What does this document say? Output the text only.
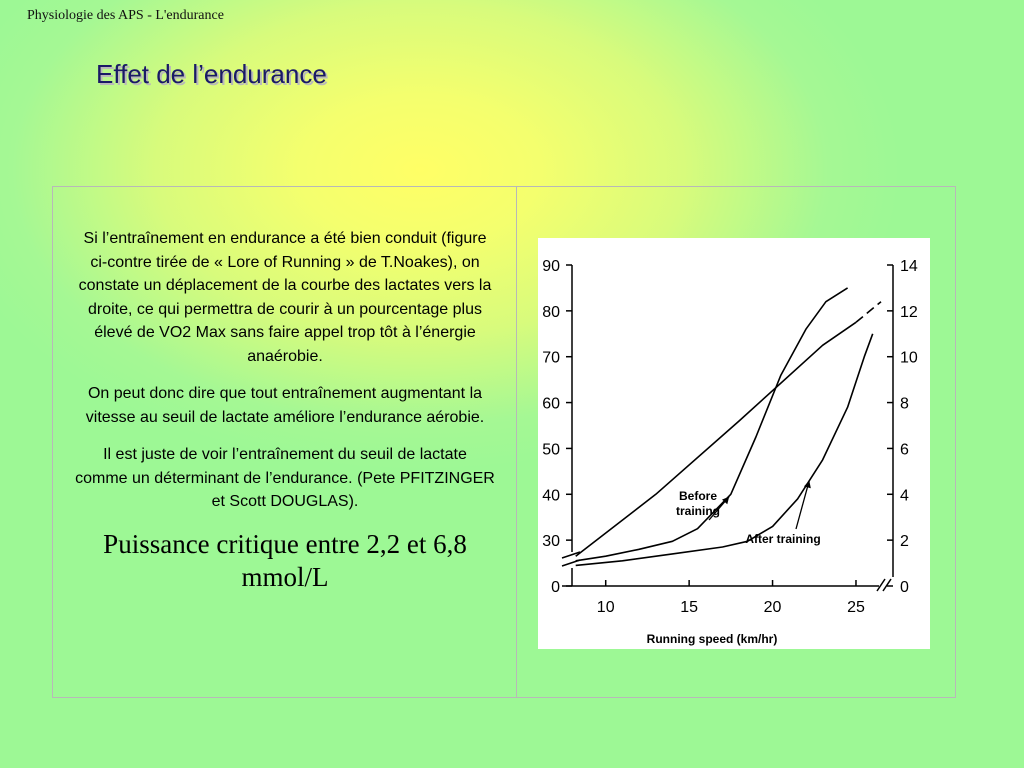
Physiologie des APS - L'endurance
Effet de l’endurance

Si l’entraînement en endurance a été bien conduit (figure ci-contre tirée de « Lore of Running » de T.Noakes), on constate un déplacement de la courbe des lactates vers la droite, ce qui permettra de courir à un pourcentage plus élevé de VO2 Max sans faire appel trop tôt à l’énergie anaérobie.

On peut donc dire que tout entraînement augmentant la vitesse au seuil de lactate améliore l’endurance aérobie.

Il est juste de voir l’entraînement du seuil de lactate comme un déterminant de l’endurance. (Pete PFITZINGER et Scott DOUGLAS).

Puissance critique entre 2,2 et 6,8 mmol/L	0
30
40
50
60
70
80
90
0
2
4
6
8
10
12
14
10	15	20	25
Running speed (km/hr)
Before training
After training
